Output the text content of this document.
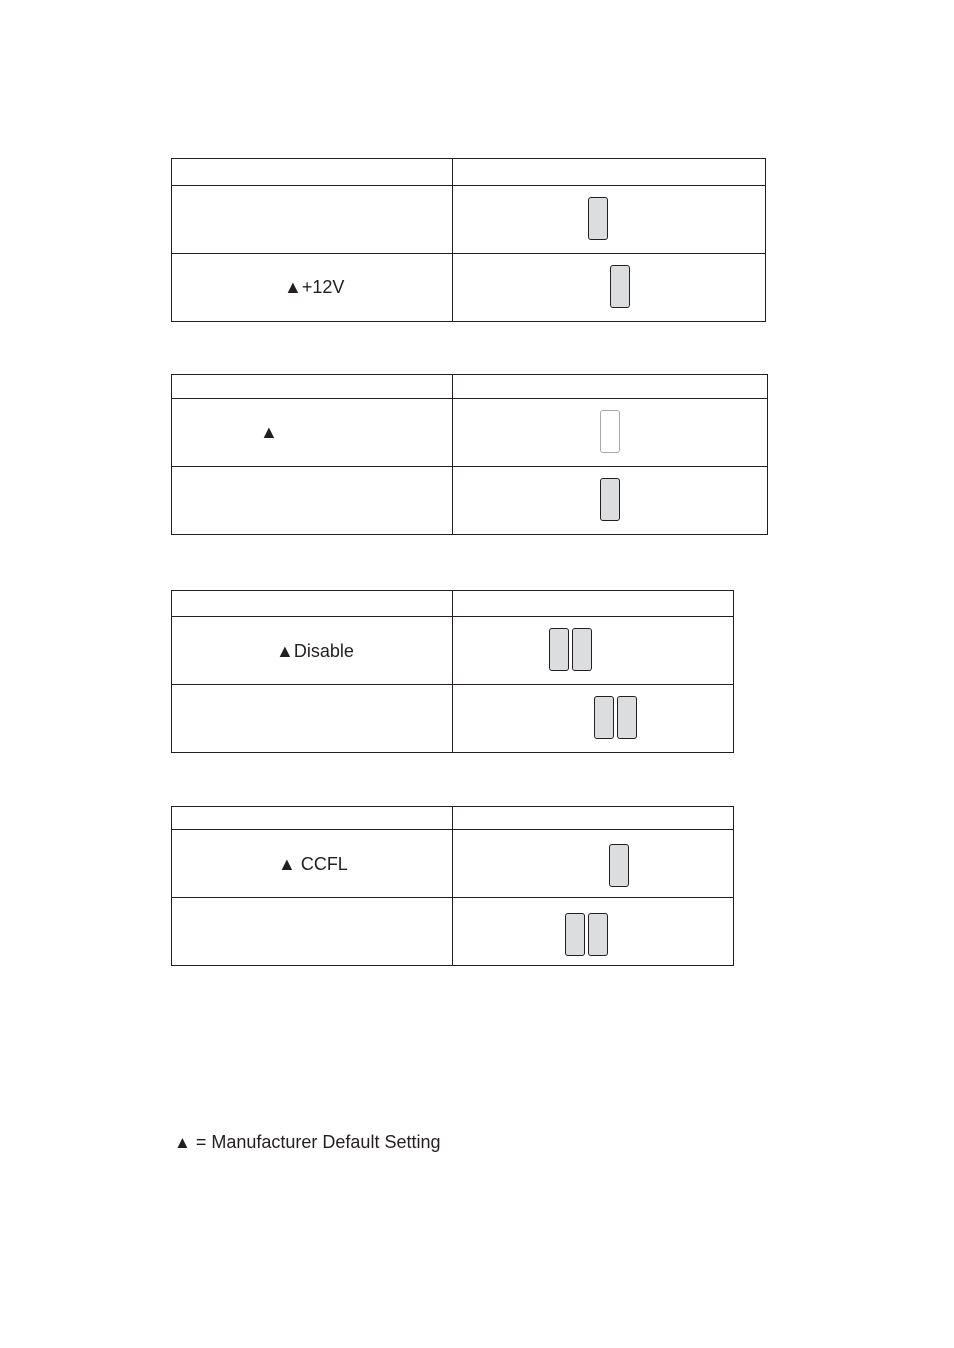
▲+12V
▲
▲Disable
▲ CCFL
▲ = Manufacturer Default Setting
